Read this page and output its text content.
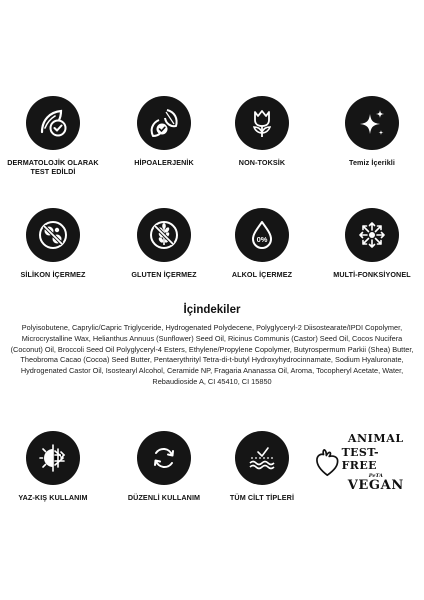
DERMATOLOJİK OLARAK
TEST EDİLDİ
HİPOALERJENİK	NON-TOKSİK	Temiz İçerikli
SİLİKON İÇERMEZ	GLUTEN İÇERMEZ
0%
ALKOL İÇERMEZ	MULTİ-FONKSİYONEL
İçindekiler
Polyisobutene, Caprylic/Capric Triglyceride, Hydrogenated Polydecene, Polyglyceryl-2 Diisostearate/IPDI Copolymer, Microcrystalline Wax, Helianthus Annuus (Sunflower) Seed Oil, Ricinus Communis (Castor) Seed Oil, Cocos Nucifera (Coconut) Oil, Broccoli Seed Oil Polyglyceryl-4 Esters, Ethylene/Propylene Copolymer, Butyrospermum Parkii (Shea) Butter, Theobroma Cacao (Cocoa) Seed Butter, Pentaerythrityl Tetra-di-t-butyl Hydroxyhydrocinnamate, Sodium Hyaluronate, Hydrogenated Castor Oil, Isostearyl Alcohol, Ceramide NP, Fragaria Ananassa Oil, Aroma, Tocopheryl Acetate, Water, Rebaudioside A, CI 45410, CI 15850
YAZ-KIŞ KULLANIM	DÜZENLİ KULLANIM	TÜM CİLT TİPLERİ
ANIMAL
TEST-FREE
PeTA
VEGAN
